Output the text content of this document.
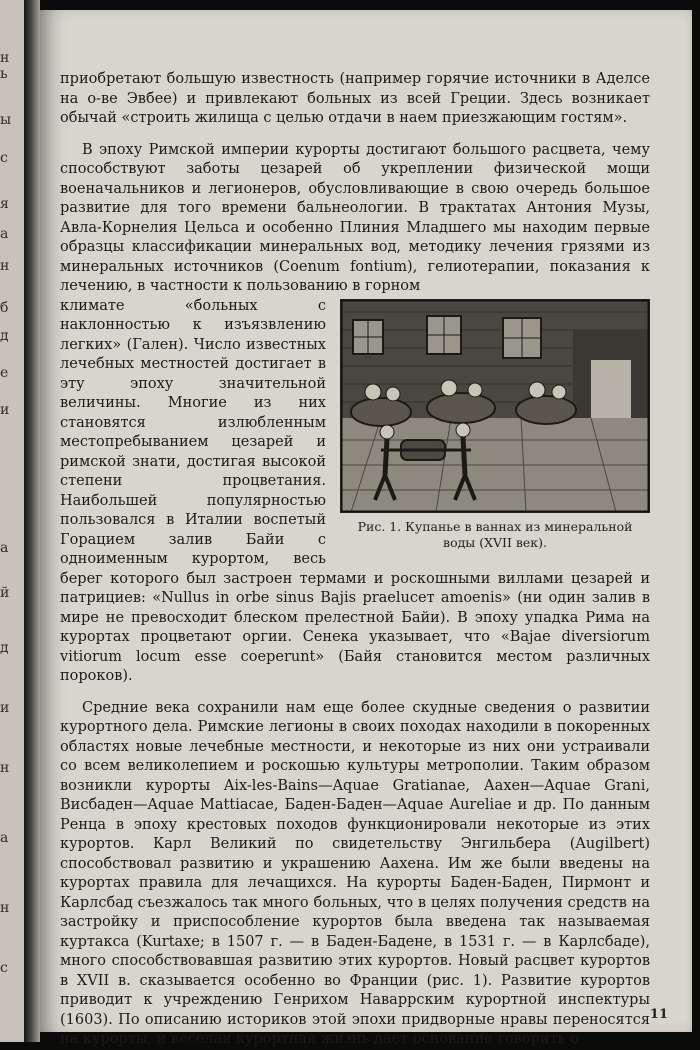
н
ь
ы
с
я
а
н
б
д
е
и
а
й
д
и
н
а
н
с

приобретают большую известность (например горячие источники в Аделсе на о-ве Эвбее) и привлекают больных из всей Греции. Здесь возникает обычай «строить жилища с целью отдачи в наем приезжающим гостям».

В эпоху Римской империи курорты достигают большого расцвета, чему способствуют заботы цезарей об укреплении физической мощи военачальников и легионеров, обусловливающие в свою очередь большое развитие для того времени бальнеологии. В трактатах Антония Музы, Авла-Корнелия Цельса и особенно Плиния Младшего мы находим первые образцы классификации минеральных вод, методику лечения грязями из минеральных источников (Coenum fontium), гелиотерапии, показания к лечению, в частности к пользованию в горном

Рис. 1. Купанье в ваннах из минеральной воды (XVII век).

климате «больных с наклонностью к изъязвлению легких» (Гален). Число известных лечебных местностей достигает в эту эпоху значительной величины. Многие из них становятся излюбленным местопребыванием цезарей и римской знати, достигая высокой степени процветания. Наибольшей популярностью пользовался в Италии воспетый Горацием залив Байи с одноименным курортом, весь берег которого был застроен термами и роскошными виллами цезарей и патрициев: «Nullus in orbe sinus Bajis praeluceт amoenis» (ни один залив в мире не превосходит блеском прелестной Байи). В эпоху упадка Рима на курортах процветают оргии. Сенека указывает, что «Bajae diversiorum vitiorum locum esse coeperunt» (Байя становится местом различных пороков).

Средние века сохранили нам еще более скудные сведения о развитии курортного дела. Римские легионы в своих походах находили в покоренных областях новые лечебные местности, и некоторые из них они устраивали со всем великолепием и роскошью культуры метрополии. Таким образом возникли курорты Aix-les-Bains—Aquae Gratianae, Аахен—Aquae Grani, Висбаден—Aquae Mattiacae, Баден-Баден—Aquae Aureliae и др. По данным Ренца в эпоху крестовых походов функционировали некоторые из этих курортов. Карл Великий по свидетельству Энгильбера (Augilbert) способствовал развитию и украшению Аахена. Им же были введены на курортах правила для лечащихся. На курорты Баден-Баден, Пирмонт и Карлсбад съезжалось так много больных, что в целях получения средств на застройку и приспособление курортов была введена так называемая куртакса (Kurtaxe; в 1507 г. — в Баден-Бадене, в 1531 г. — в Карлсбаде), много способствовавшая развитию этих курортов. Новый расцвет курортов в XVII в. сказывается особенно во Франции (рис. 1). Развитие курортов приводит к учреждению Генрихом Наваррским курортной инспектуры (1603). По описанию историков этой эпохи придворные нравы переносятся на курорты, и веселая курортная жизнь дает основание говорить о

11
